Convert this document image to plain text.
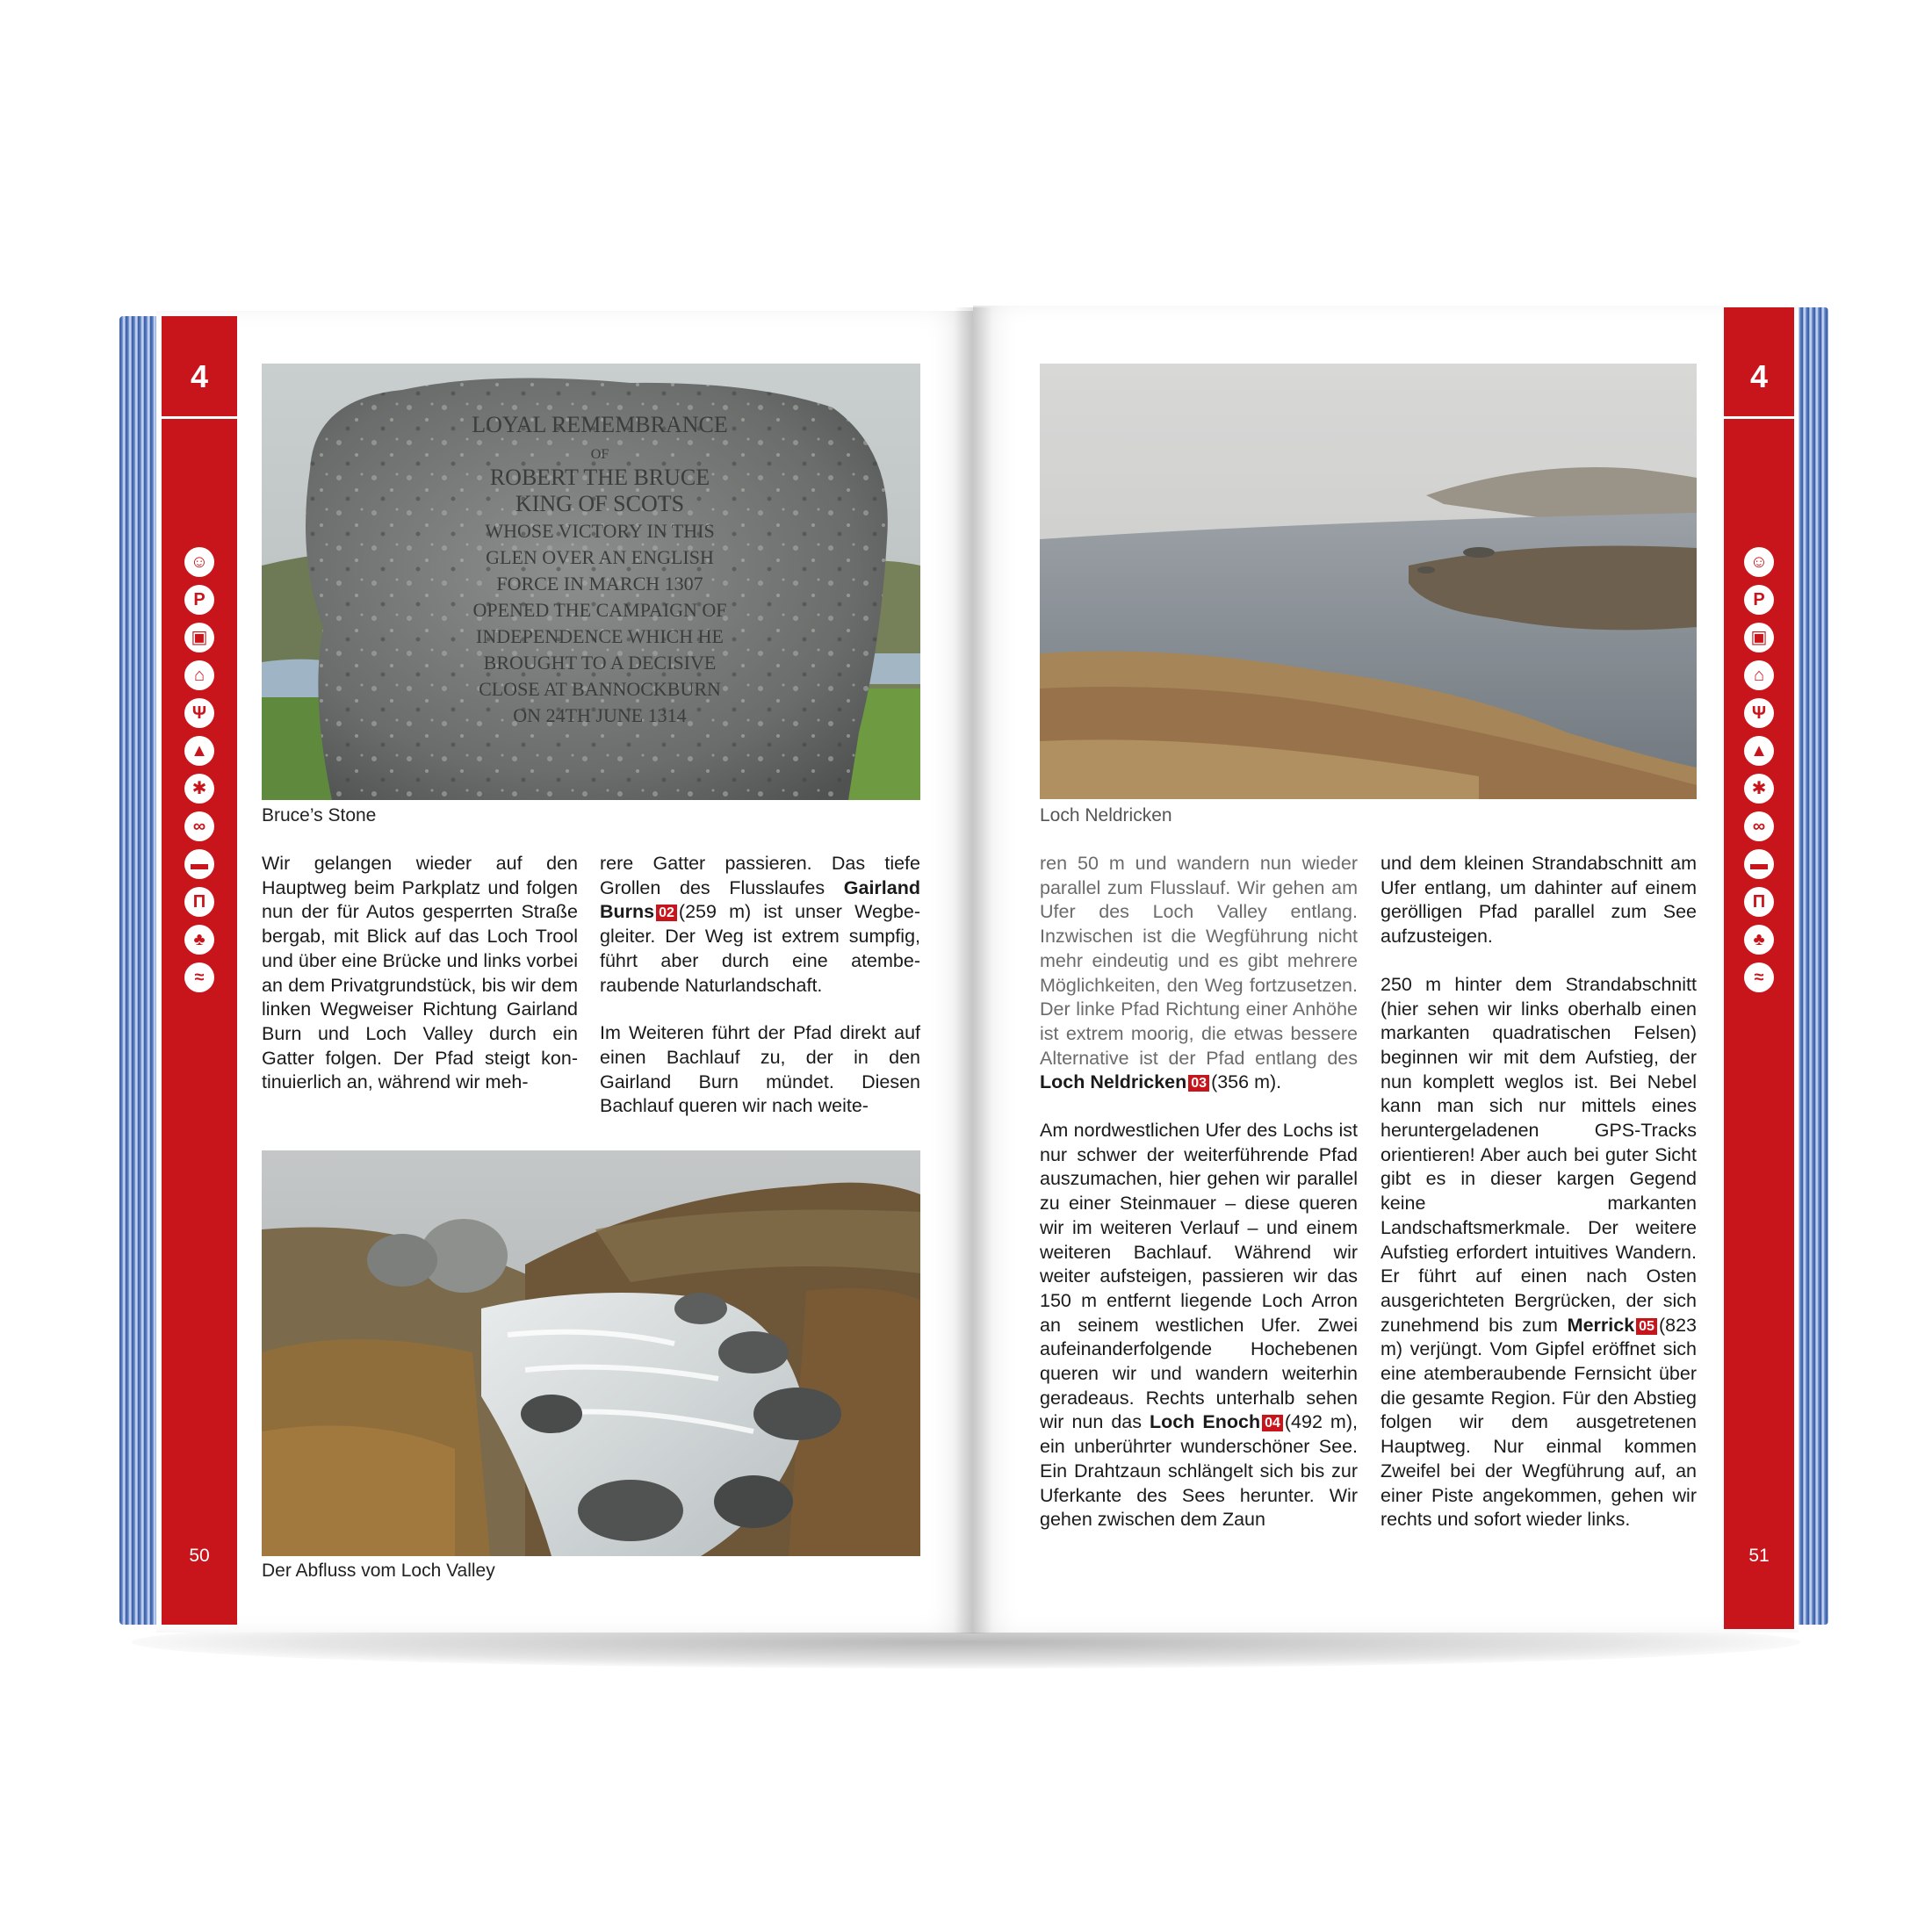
4
☺
P
▣
⌂
Ψ
▲
✱
∞
▬
Π
♣
≈
50
4
☺
P
▣
⌂
Ψ
▲
✱
∞
▬
Π
♣
≈
51
LOYAL REMEMBRANCE
OF
ROBERT THE BRUCE
KING OF SCOTS
WHOSE VICTORY IN THIS
GLEN OVER AN ENGLISH
FORCE IN MARCH 1307
OPENED THE CAMPAIGN OF
INDEPENDENCE WHICH HE
BROUGHT TO A DECISIVE
CLOSE AT BANNOCKBURN
ON 24TH JUNE 1314
Bruce’s Stone

Wir gelangen wieder auf den Hauptweg beim Parkplatz und folgen nun der für Autos gesperrten Straße bergab, mit Blick auf das Loch Trool und über eine Brücke und links vorbei an dem Privatgrundstück, bis wir dem linken Wegweiser Richtung Gairland Burn und Loch Valley durch ein Gatter folgen. Der Pfad steigt kontinuierlich an, während wir meh-

rere Gatter passieren. Das tiefe Grollen des Flusslaufes Gairland Burns 02 (259 m) ist unser Wegbegleiter. Der Weg ist extrem sumpfig, führt aber durch eine atemberaubende Naturlandschaft.

Im Weiteren führt der Pfad direkt auf einen Bachlauf zu, der in den Gairland Burn mündet. Diesen Bachlauf queren wir nach weite-

Der Abfluss vom Loch Valley
Loch Neldricken

ren 50 m und wandern nun wieder parallel zum Flusslauf. Wir gehen am Ufer des Loch Valley entlang. Inzwischen ist die Wegführung nicht mehr eindeutig und es gibt mehrere Möglichkeiten, den Weg fortzusetzen. Der linke Pfad Richtung einer Anhöhe ist extrem moorig, die etwas bessere Alternative ist der Pfad entlang des Loch Neldricken 03 (356 m).

Am nordwestlichen Ufer des Lochs ist nur schwer der weiterführende Pfad auszumachen, hier gehen wir parallel zu einer Steinmauer – diese queren wir im weiteren Verlauf – und einem weiteren Bachlauf. Während wir weiter aufsteigen, passieren wir das 150 m entfernt liegende Loch Arron an seinem westlichen Ufer. Zwei aufeinanderfolgende Hochebenen queren wir und wandern weiterhin geradeaus. Rechts unterhalb sehen wir nun das Loch Enoch 04 (492 m), ein unberührter wunderschöner See. Ein Drahtzaun schlängelt sich bis zur Uferkante des Sees herunter. Wir gehen zwischen dem Zaun

und dem kleinen Strandabschnitt am Ufer entlang, um dahinter auf einem gerölligen Pfad parallel zum See aufzusteigen.

250 m hinter dem Strandabschnitt (hier sehen wir links oberhalb einen markanten quadratischen Felsen) beginnen wir mit dem Aufstieg, der nun komplett weglos ist. Bei Nebel kann man sich nur mittels eines heruntergeladenen GPS-Tracks orientieren! Aber auch bei guter Sicht gibt es in dieser kargen Gegend keine markanten Landschaftsmerkmale. Der weitere Aufstieg erfordert intuitives Wandern. Er führt auf einen nach Osten ausgerichteten Bergrücken, der sich zunehmend bis zum Merrick 05 (823 m) verjüngt. Vom Gipfel eröffnet sich eine atemberaubende Fernsicht über die gesamte Region. Für den Abstieg folgen wir dem ausgetretenen Hauptweg. Nur einmal kommen Zweifel bei der Wegführung auf, an einer Piste angekommen, gehen wir rechts und sofort wieder links.
